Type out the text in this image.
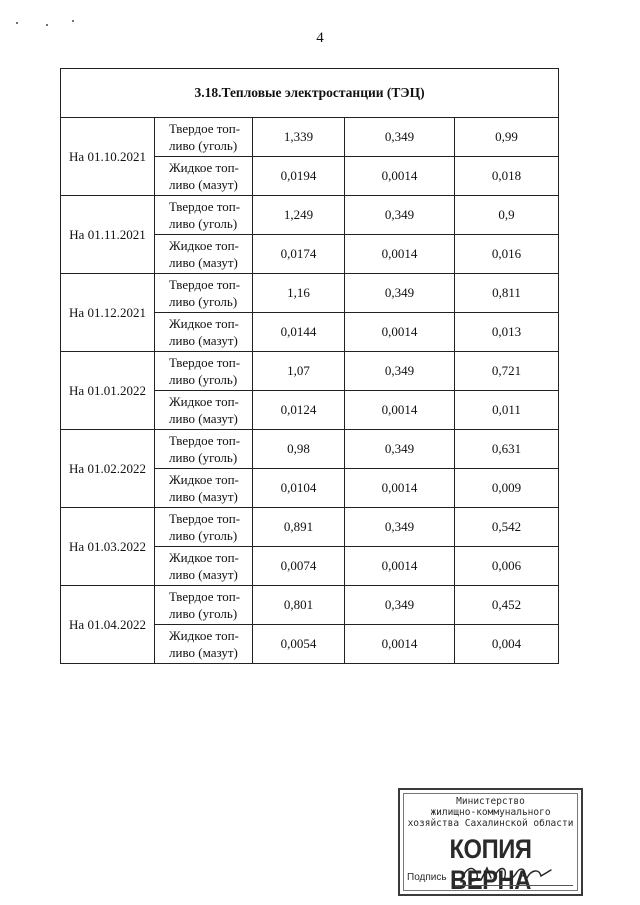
4
3.18.Тепловые электростанции (ТЭЦ)				
На 01.10.2021	Твердое топ-
ливо (уголь)	1,339	0,349	0,99

	Жидкое топ-
ливо (мазут)	0,0194	0,0014	0,018
На 01.11.2021	Твердое топ-
ливо (уголь)	1,249	0,349	0,9

	Жидкое топ-
ливо (мазут)	0,0174	0,0014	0,016
На 01.12.2021	Твердое топ-
ливо (уголь)	1,16	0,349	0,811

	Жидкое топ-
ливо (мазут)	0,0144	0,0014	0,013
На 01.01.2022	Твердое топ-
ливо (уголь)	1,07	0,349	0,721

	Жидкое топ-
ливо (мазут)	0,0124	0,0014	0,011
На 01.02.2022	Твердое топ-
ливо (уголь)	0,98	0,349	0,631

	Жидкое топ-
ливо (мазут)	0,0104	0,0014	0,009
На 01.03.2022	Твердое топ-
ливо (уголь)	0,891	0,349	0,542

	Жидкое топ-
ливо (мазут)	0,0074	0,0014	0,006
На 01.04.2022	Твердое топ-
ливо (уголь)	0,801	0,349	0,452

	Жидкое топ-
ливо (мазут)	0,0054	0,0014	0,004
Министерство
жилищно-коммунального
хозяйства Сахалинской области
КОПИЯ ВЕРНА
Подпись
